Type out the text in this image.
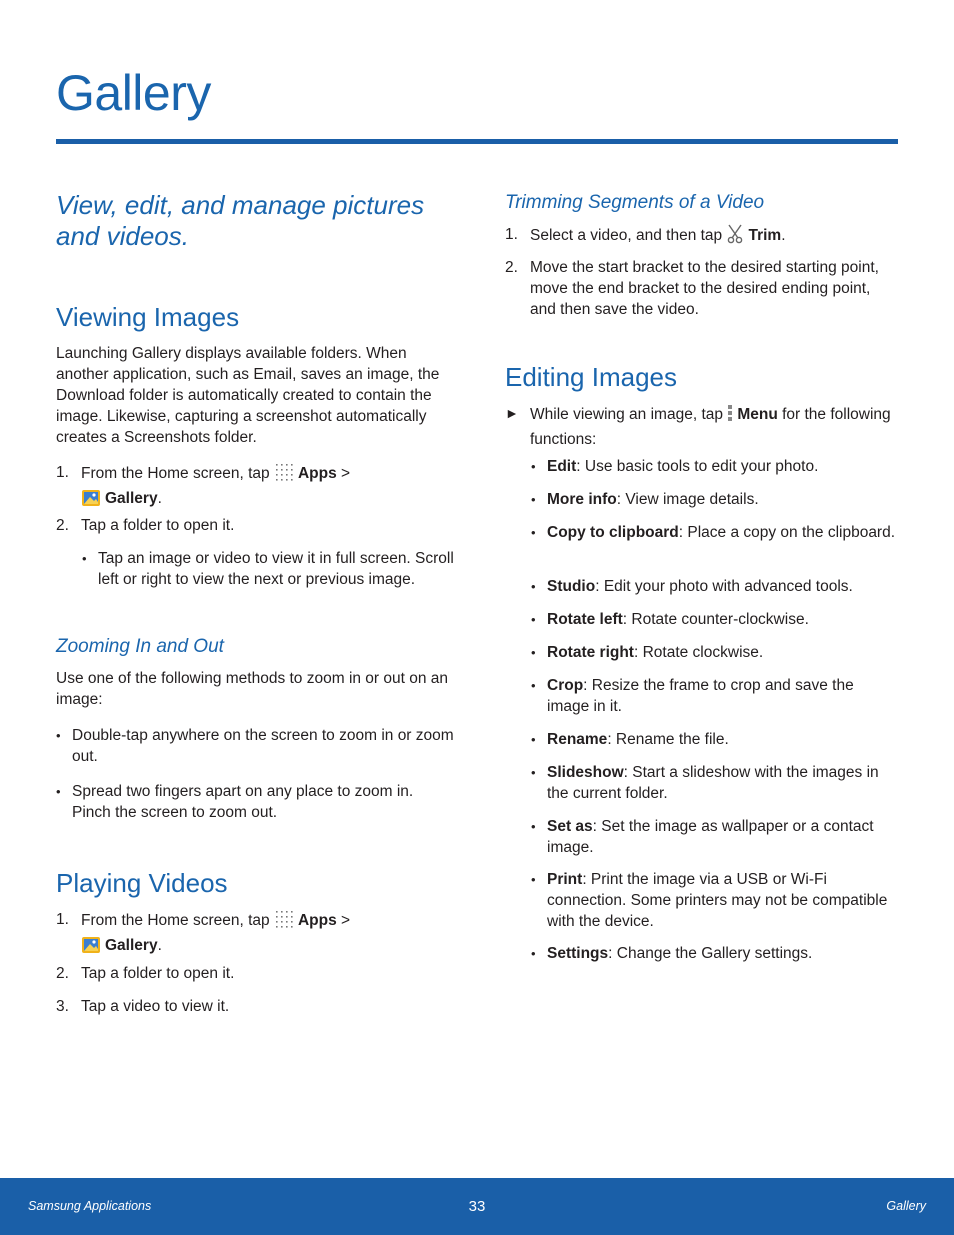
Gallery
View, edit, and manage pictures and videos.
Viewing Images

Launching Gallery displays available folders. When another application, such as Email, saves an image, the Download folder is automatically created to contain the image. Likewise, capturing a screenshot automatically creates a Screenshots folder.

1. From the Home screen, tap Apps >
Gallery.
2. Tap a folder to open it.
• Tap an image or video to view it in full screen. Scroll left or right to view the next or previous image.
Zooming In and Out

Use one of the following methods to zoom in or out on an image:

• Double-tap anywhere on the screen to zoom in or zoom out.
• Spread two fingers apart on any place to zoom in. Pinch the screen to zoom out.
Playing Videos
1. From the Home screen, tap Apps >
Gallery.
2. Tap a folder to open it.
3. Tap a video to view it.
Trimming Segments of a Video
1. Select a video, and then tap Trim.
2. Move the start bracket to the desired starting point, move the end bracket to the desired ending point, and then save the video.
Editing Images
► While viewing an image, tap Menu for the following functions:
• Edit: Use basic tools to edit your photo.
• More info: View image details.
• Copy to clipboard: Place a copy on the clipboard.
• Studio: Edit your photo with advanced tools.
• Rotate left: Rotate counter-clockwise.
• Rotate right: Rotate clockwise.
• Crop: Resize the frame to crop and save the image in it.
• Rename: Rename the file.
• Slideshow: Start a slideshow with the images in the current folder.
• Set as: Set the image as wallpaper or a contact image.
• Print: Print the image via a USB or Wi-Fi connection. Some printers may not be compatible with the device.
• Settings: Change the Gallery settings.
Samsung Applications	33	Gallery
